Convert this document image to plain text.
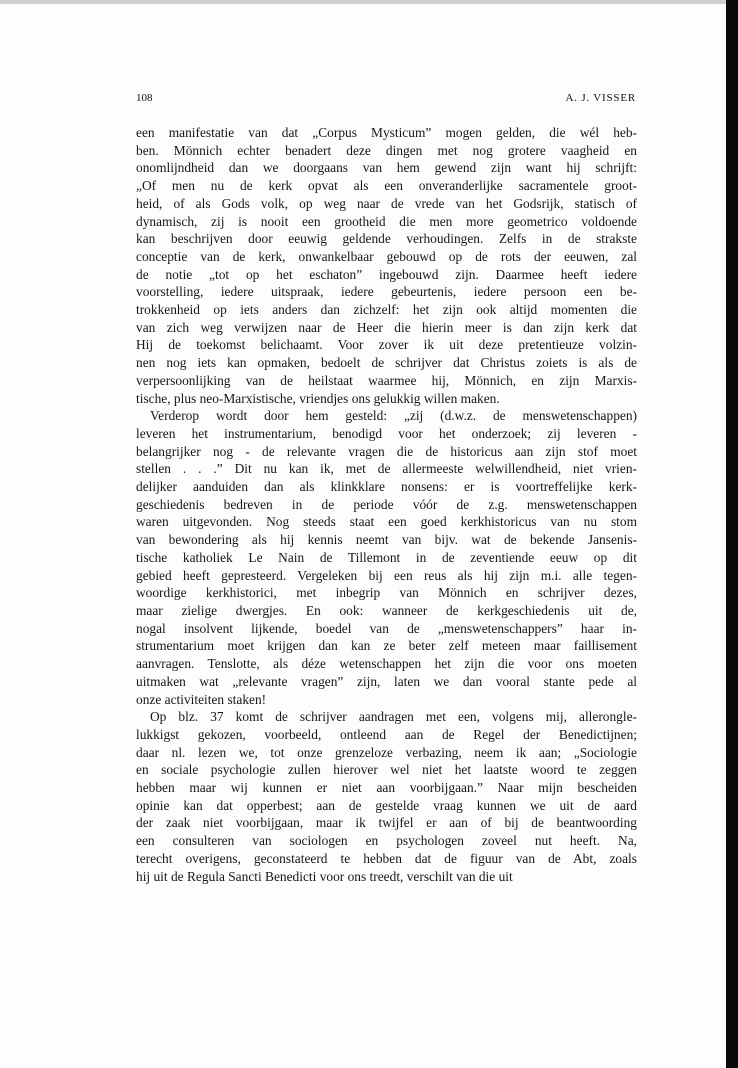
108	A. J. VISSER
een manifestatie van dat „Corpus Mysticum” mogen gelden, die wél heb-
ben. Mönnich echter benadert deze dingen met nog grotere vaagheid en
onomlijndheid dan we doorgaans van hem gewend zijn want hij schrijft:
„Of men nu de kerk opvat als een onveranderlijke sacramentele groot-
heid, of als Gods volk, op weg naar de vrede van het Godsrijk, statisch of
dynamisch, zij is nooit een grootheid die men more geometrico voldoende
kan beschrijven door eeuwig geldende verhoudingen. Zelfs in de strakste
conceptie van de kerk, onwankelbaar gebouwd op de rots der eeuwen, zal
de notie „tot op het eschaton” ingebouwd zijn. Daarmee heeft iedere
voorstelling, iedere uitspraak, iedere gebeurtenis, iedere persoon een be-
trokkenheid op iets anders dan zichzelf: het zijn ook altijd momenten die
van zich weg verwijzen naar de Heer die hierin meer is dan zijn kerk dat
Hij de toekomst belichaamt. Voor zover ik uit deze pretentieuze volzin-
nen nog iets kan opmaken, bedoelt de schrijver dat Christus zoiets is als de
verpersoonlijking van de heilstaat waarmee hij, Mönnich, en zijn Marxis-
tische, plus neo-Marxistische, vriendjes ons gelukkig willen maken.
Verderop wordt door hem gesteld: „zij (d.w.z. de menswetenschappen)
leveren het instrumentarium, benodigd voor het onderzoek; zij leveren -
belangrijker nog - de relevante vragen die de historicus aan zijn stof moet
stellen . . .” Dit nu kan ik, met de allermeeste welwillendheid, niet vrien-
delijker aanduiden dan als klinkklare nonsens: er is voortreffelijke kerk-
geschiedenis bedreven in de periode vóór de z.g. menswetenschappen
waren uitgevonden. Nog steeds staat een goed kerkhistoricus van nu stom
van bewondering als hij kennis neemt van bijv. wat de bekende Jansenis-
tische katholiek Le Nain de Tillemont in de zeventiende eeuw op dit
gebied heeft gepresteerd. Vergeleken bij een reus als hij zijn m.i. alle tegen-
woordige kerkhistorici, met inbegrip van Mönnich en schrijver dezes,
maar zielige dwergjes. En ook: wanneer de kerkgeschiedenis uit de,
nogal insolvent lijkende, boedel van de „menswetenschappers” haar in-
strumentarium moet krijgen dan kan ze beter zelf meteen maar faillisement
aanvragen. Tenslotte, als déze wetenschappen het zijn die voor ons moeten
uitmaken wat „relevante vragen” zijn, laten we dan vooral stante pede al
onze activiteiten staken!
Op blz. 37 komt de schrijver aandragen met een, volgens mij, allerongle-
lukkigst gekozen, voorbeeld, ontleend aan de Regel der Benedictijnen;
daar nl. lezen we, tot onze grenzeloze verbazing, neem ik aan; „Sociologie
en sociale psychologie zullen hierover wel niet het laatste woord te zeggen
hebben maar wij kunnen er niet aan voorbijgaan.” Naar mijn bescheiden
opinie kan dat opperbest; aan de gestelde vraag kunnen we uit de aard
der zaak niet voorbijgaan, maar ik twijfel er aan of bij de beantwoording
een consulteren van sociologen en psychologen zoveel nut heeft. Na,
terecht overigens, geconstateerd te hebben dat de figuur van de Abt, zoals
hij uit de Regula Sancti Benedicti voor ons treedt, verschilt van die uit
